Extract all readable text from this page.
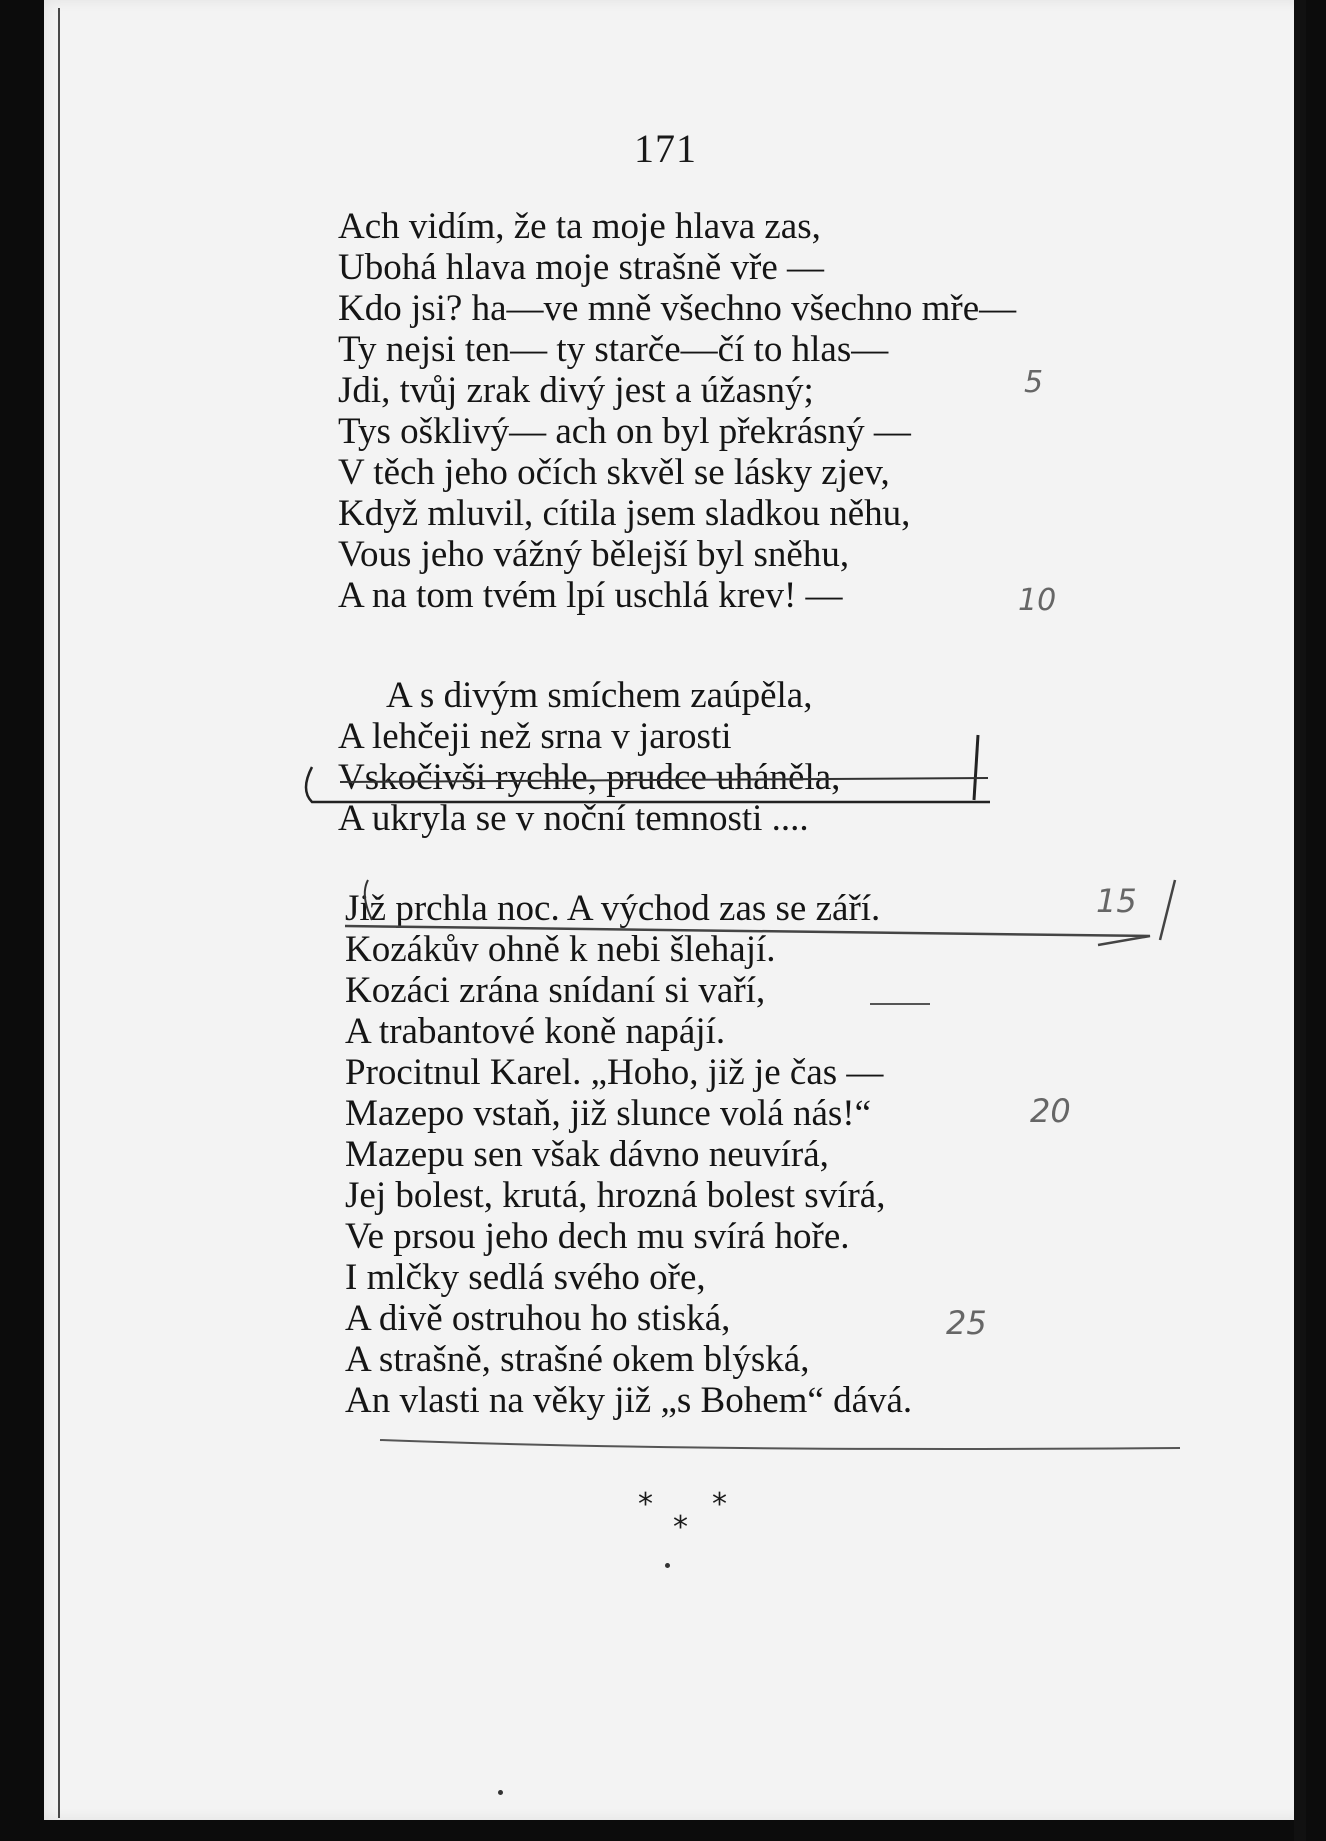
171
Ach vidím, že ta moje hlava zas,
Ubohá hlava moje strašně vře —
Kdo jsi? ha—ve mně všechno všechno mře—
Ty nejsi ten— ty starče—čí to hlas—
Jdi, tvůj zrak divý jest a úžasný;
Tys ošklivý— ach on byl překrásný —
V těch jeho očích skvěl se lásky zjev,
Když mluvil, cítila jsem sladkou něhu,
Vous jeho vážný bělejší byl sněhu,
A na tom tvém lpí uschlá krev! —
A s divým smíchem zaúpěla,
A lehčeji než srna v jarosti
Vskočivši rychle, prudce uháněla,
A ukryla se v noční temnosti ....
Již prchla noc. A východ zas se září.
Kozákův ohně k nebi šlehají.
Kozáci zrána snídaní si vaří,
A trabantové koně napájí.
Procitnul Karel. „Hoho, již je čas —
Mazepo vstaň, již slunce volá nás!“
Mazepu sen však dávno neuvírá,
Jej bolest, krutá, hrozná bolest svírá,
Ve prsou jeho dech mu svírá hoře.
I mlčky sedlá svého oře,
A divě ostruhou ho stiská,
A strašně, strašné okem blýská,
An vlasti na věky již „s Bohem“ dává.
* *
*
5
10
15
20
25
